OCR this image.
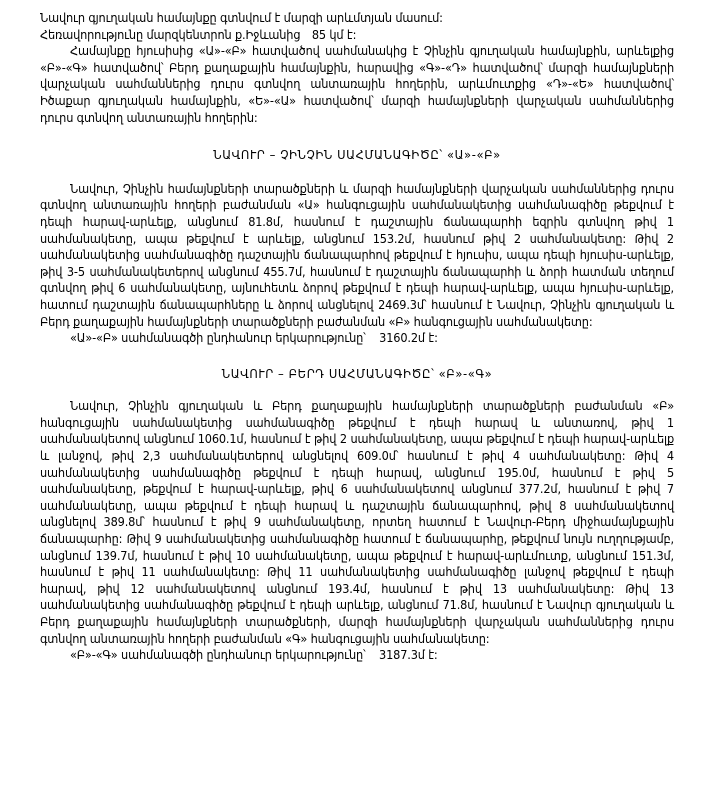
Նավուր գյուղական համայնքը գտնվում է մարզի արևմտյան մասում:

Հեռավորությունը մարզկենտրոն ք.Իջևանից 85 կմ է:

Համայնքը հյուսիսից «Ա»-«Բ» հատվածով սահմանակից է Չինչին գյուղական համայնքին, արևելքից «Բ»-«Գ» հատվածով՝ Բերդ քաղաքային համայնքին, հարավից «Գ»-«Դ» հատվածով՝ մարզի համայնքների վարչական սահմաններից դուրս գտնվող անտառային հողերին, արևմուտքից «Դ»-«Ե» հատվածով՝ Իծաքար գյուղական համայնքին, «Ե»-«Ա» հատվածով՝ մարզի համայնքների վարչական սահմաններից դուրս գտնվող անտառային հողերին:

ՆԱՎՈՒՐ – ՉԻՆՉԻՆ ՍԱՀՄԱՆԱԳԻԾԸ՝ «Ա»-«Բ»

Նավուր, Չինչին համայնքների տարածքների և մարզի համայնքների վարչական սահմաններից դուրս գտնվող անտառային հողերի բաժանման «Ա» հանգուցային սահմանակետից սահմանագիծը թեքվում է դեպի հարավ-արևելք, անցնում 81.8մ, հասնում է դաշտային ճանապարհի եզրին գտնվող թիվ 1 սահմանակետը, ապա թեքվում է արևելք, անցնում 153.2մ, հասնում թիվ 2 սահմանակետը: Թիվ 2 սահմանակետից սահմանագիծը դաշտային ճանապարհով թեքվում է հյուսիս, ապա դեպի հյուսիս-արևելք, թիվ 3-5 սահմանակետերով անցնում 455.7մ, հասնում է դաշտային ճանապարհի և ձորի հատման տեղում գտնվող թիվ 6 սահմանակետը, այնուհետև ձորով թեքվում է դեպի հարավ-արևելք, ապա հյուսիս-արևելք, հատում դաշտային ճանապարհները և ձորով անցնելով 2469.3մ՝ հասնում է Նավուր, Չինչին գյուղական և Բերդ քաղաքային համայնքների տարածքների բաժանման «Բ» հանգուցային սահմանակետը:

«Ա»-«Բ» սահմանագծի ընդհանուր երկարությունը՝ 3160.2մ է:

ՆԱՎՈՒՐ – ԲԵՐԴ ՍԱՀՄԱՆԱԳԻԾԸ՝ «Բ»-«Գ»

Նավուր, Չինչին գյուղական և Բերդ քաղաքային համայնքների տարածքների բաժանման «Բ» հանգուցային սահմանակետից սահմանագիծը թեքվում է դեպի հարավ և անտառով, թիվ 1 սահմանակետով անցնում 1060.1մ, հասնում է թիվ 2 սահմանակետը, ապա թեքվում է դեպի հարավ-արևելք և լանջով, թիվ 2,3 սահմանակետերով անցնելով 609.0մ՝ հասնում է թիվ 4 սահմանակետը: Թիվ 4 սահմանակետից սահմանագիծը թեքվում է դեպի հարավ, անցնում 195.0մ, հասնում է թիվ 5 սահմանակետը, թեքվում է հարավ-արևելք, թիվ 6 սահմանակետով անցնում 377.2մ, հասնում է թիվ 7 սահմանակետը, ապա թեքվում է դեպի հարավ և դաշտային ճանապարհով, թիվ 8 սահմանակետով անցնելով 389.8մ՝ հասնում է թիվ 9 սահմանակետը, որտեղ հատում է Նավուր-Բերդ միջհամայնքային ճանապարհը: Թիվ 9 սահմանակետից սահմանագիծը հատում է ճանապարհը, թեքվում նույն ուղղությամբ, անցնում 139.7մ, հասնում է թիվ 10 սահմանակետը, ապա թեքվում է հարավ-արևմուտք, անցնում 151.3մ, հասնում է թիվ 11 սահմանակետը: Թիվ 11 սահմանակետից սահմանագիծը լանջով թեքվում է դեպի հարավ, թիվ 12 սահմանակետով անցնում 193.4մ, հասնում է թիվ 13 սահմանակետը: Թիվ 13 սահմանակետից սահմանագիծը թեքվում է դեպի արևելք, անցնում 71.8մ, հասնում է Նավուր գյուղական և Բերդ քաղաքային համայնքների տարածքների, մարզի համայնքների վարչական սահմաններից դուրս գտնվող անտառային հողերի բաժանման «Գ» հանգուցային սահմանակետը:

«Բ»-«Գ» սահմանագծի ընդհանուր երկարությունը՝ 3187.3մ է:
